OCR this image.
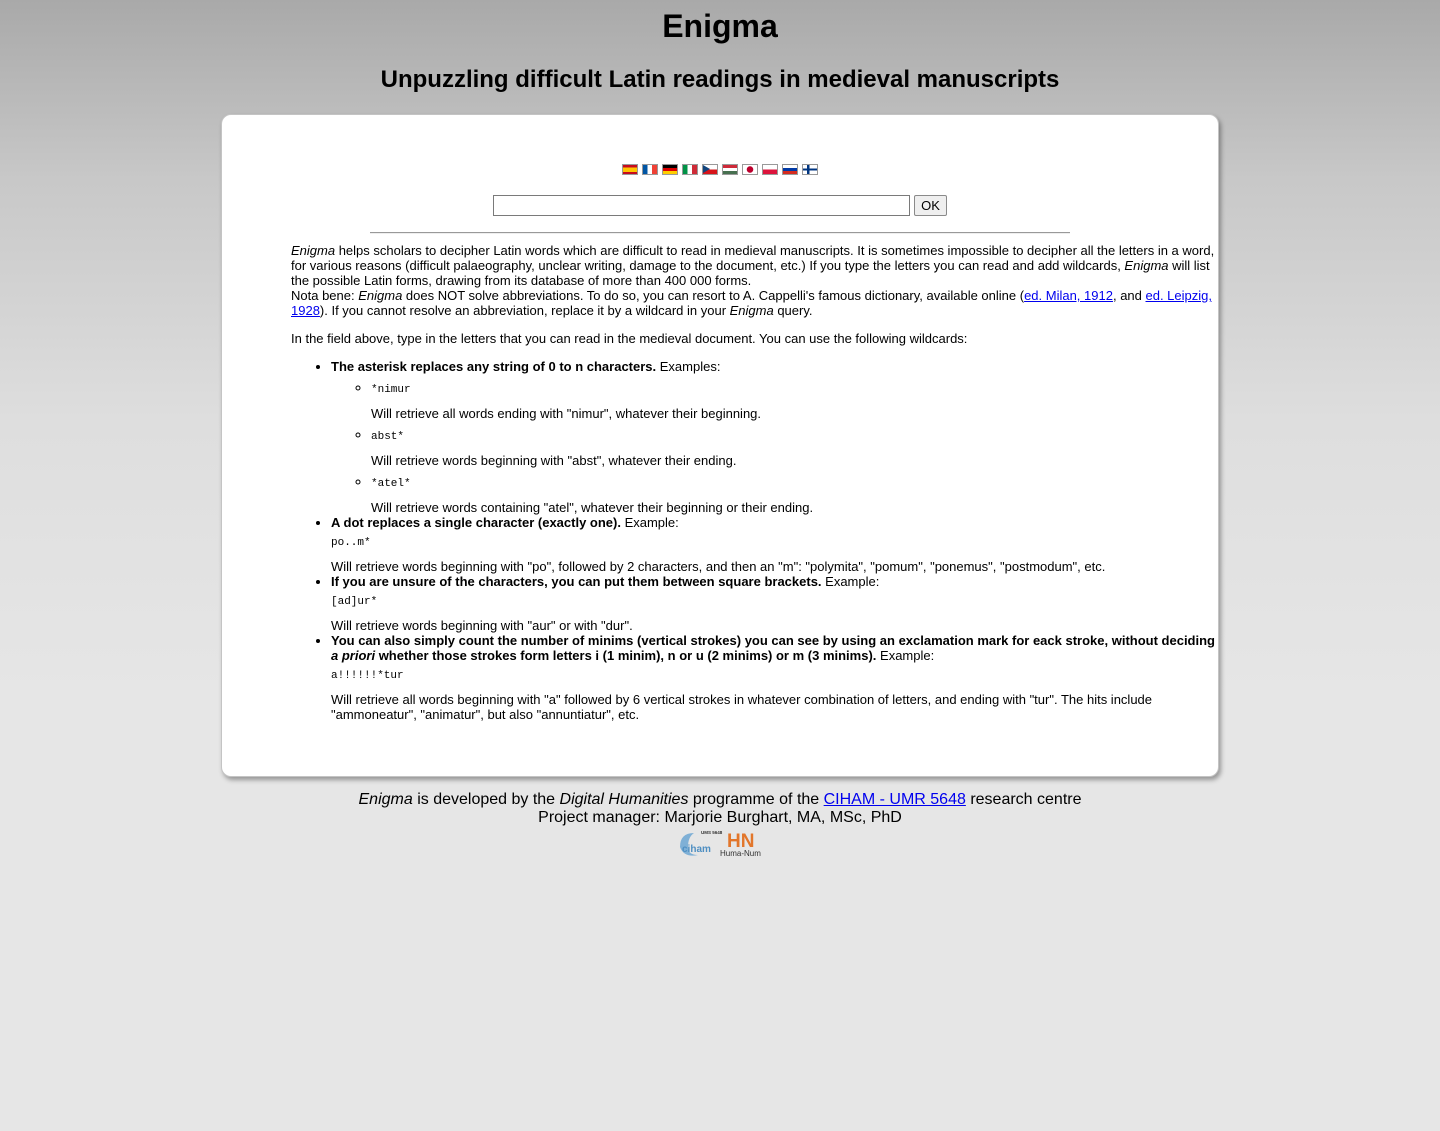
Enigma
Unpuzzling difficult Latin readings in medieval manuscripts

OK

Enigma helps scholars to decipher Latin words which are difficult to read in medieval manuscripts. It is sometimes impossible to decipher all the letters in a word, for various reasons (difficult palaeography, unclear writing, damage to the document, etc.) If you type the letters you can read and add wildcards, Enigma will list the possible Latin forms, drawing from its database of more than 400 000 forms.
Nota bene: Enigma does NOT solve abbreviations. To do so, you can resort to A. Cappelli's famous dictionary, available online (ed. Milan, 1912, and ed. Leipzig, 1928). If you cannot resolve an abbreviation, replace it by a wildcard in your Enigma query.

In the field above, type in the letters that you can read in the medieval document. You can use the following wildcards:

• The asterisk replaces any string of 0 to n characters. Examples:
◦ *nimur
Will retrieve all words ending with "nimur", whatever their beginning.
◦ abst*
Will retrieve words beginning with "abst", whatever their ending.
◦ *atel*
Will retrieve words containing "atel", whatever their beginning or their ending.
• A dot replaces a single character (exactly one). Example:
po..m*
Will retrieve words beginning with "po", followed by 2 characters, and then an "m": "polymita", "pomum", "ponemus", "postmodum", etc.
• If you are unsure of the characters, you can put them between square brackets. Example:
[ad]ur*
Will retrieve words beginning with "aur" or with "dur".
• You can also simply count the number of minims (vertical strokes) you can see by using an exclamation mark for eack stroke, without deciding a priori whether those strokes form letters i (1 minim), n or u (2 minims) or m (3 minims). Example:
a!!!!!!*tur
Will retrieve all words beginning with "a" followed by 6 vertical strokes in whatever combination of letters, and ending with "tur". The hits include "ammoneatur", "animatur", but also "annuntiatur", etc.
Enigma is developed by the Digital Humanities programme of the CIHAM - UMR 5648 research centre
Project manager: Marjorie Burghart, MA, MSc, PhD
ciham
UMS 5648 HN
Huma-Num
